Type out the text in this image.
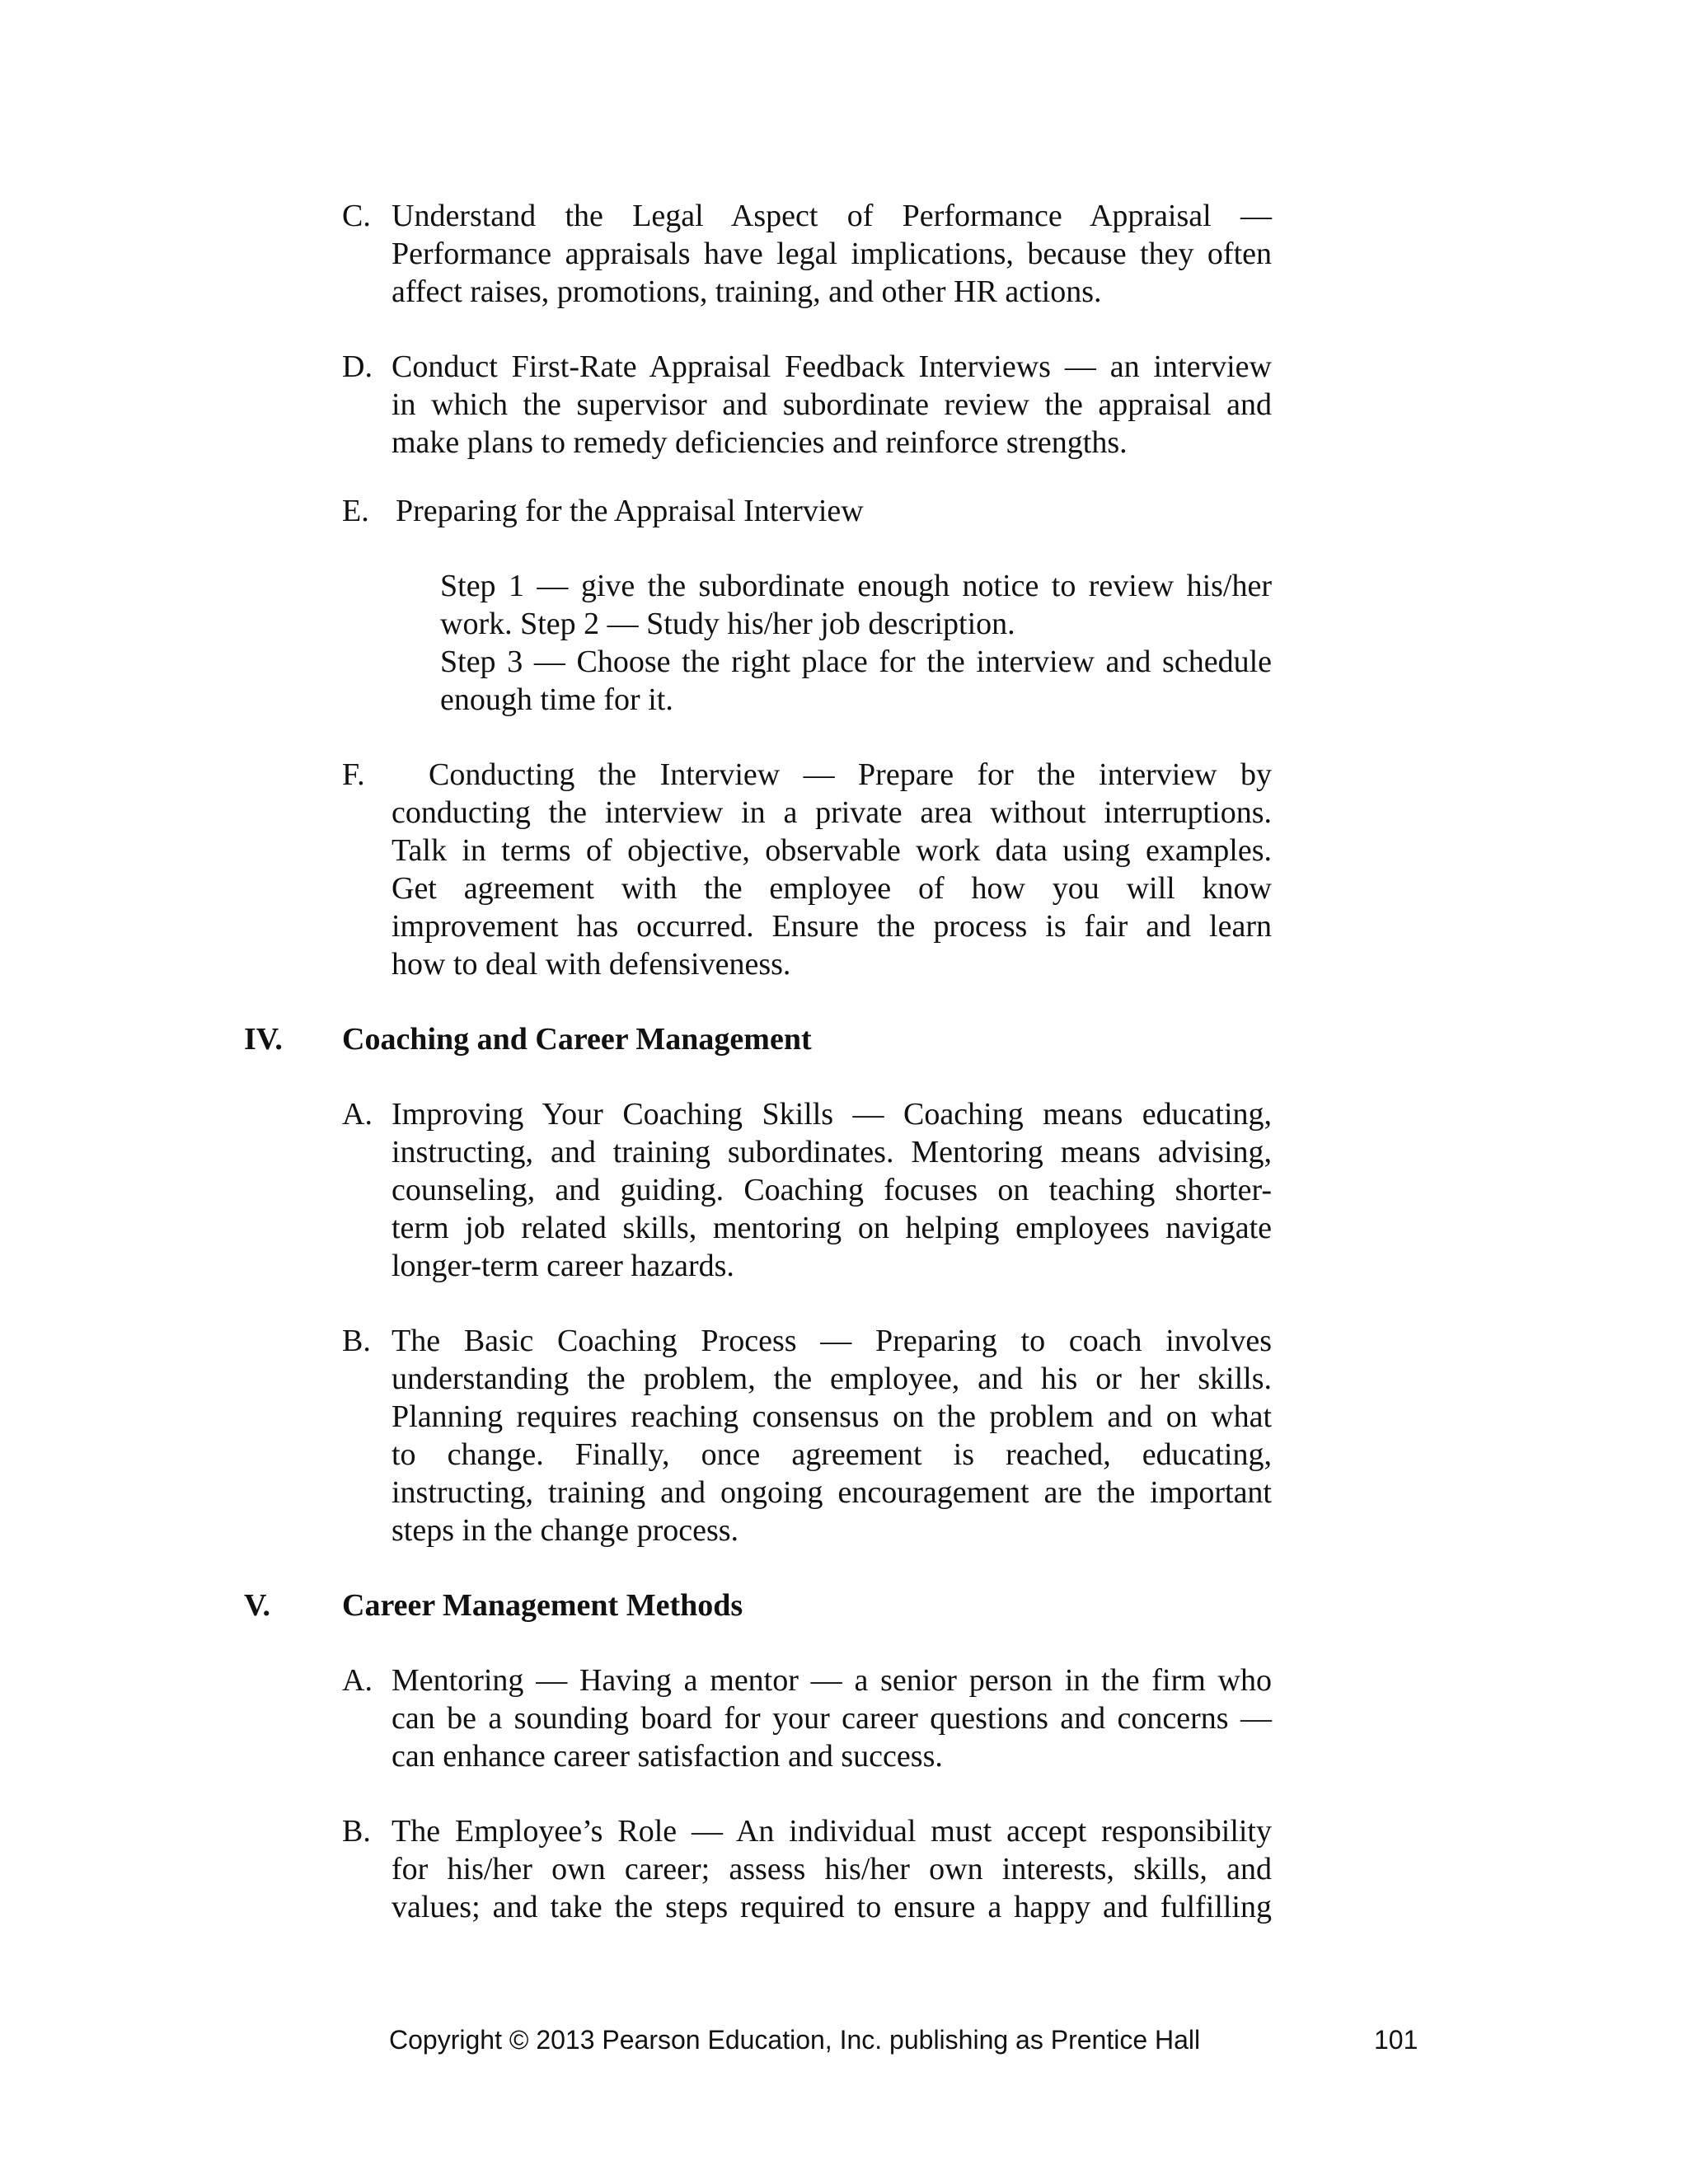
C. Understand the Legal Aspect of Performance Appraisal —
Performance appraisals have legal implications, because they often
affect raises, promotions, training, and other HR actions.
D. Conduct First-Rate Appraisal Feedback Interviews — an interview
in which the supervisor and subordinate review the appraisal and
make plans to remedy deficiencies and reinforce strengths.
E. Preparing for the Appraisal Interview
Step 1 — give the subordinate enough notice to review his/her
work. Step 2 — Study his/her job description.
Step 3 — Choose the right place for the interview and schedule
enough time for it.
F. Conducting the Interview — Prepare for the interview by
conducting the interview in a private area without interruptions.
Talk in terms of objective, observable work data using examples.
Get agreement with the employee of how you will know
improvement has occurred. Ensure the process is fair and learn
how to deal with defensiveness.
IV. Coaching and Career Management
A. Improving Your Coaching Skills — Coaching means educating,
instructing, and training subordinates. Mentoring means advising,
counseling, and guiding. Coaching focuses on teaching shorter-
term job related skills, mentoring on helping employees navigate
longer-term career hazards.
B. The Basic Coaching Process — Preparing to coach involves
understanding the problem, the employee, and his or her skills.
Planning requires reaching consensus on the problem and on what
to change. Finally, once agreement is reached, educating,
instructing, training and ongoing encouragement are the important
steps in the change process.
V. Career Management Methods
A. Mentoring — Having a mentor — a senior person in the firm who
can be a sounding board for your career questions and concerns —
can enhance career satisfaction and success.
B. The Employee’s Role — An individual must accept responsibility
for his/her own career; assess his/her own interests, skills, and
values; and take the steps required to ensure a happy and fulfilling
Copyright © 2013 Pearson Education, Inc. publishing as Prentice Hall	101
